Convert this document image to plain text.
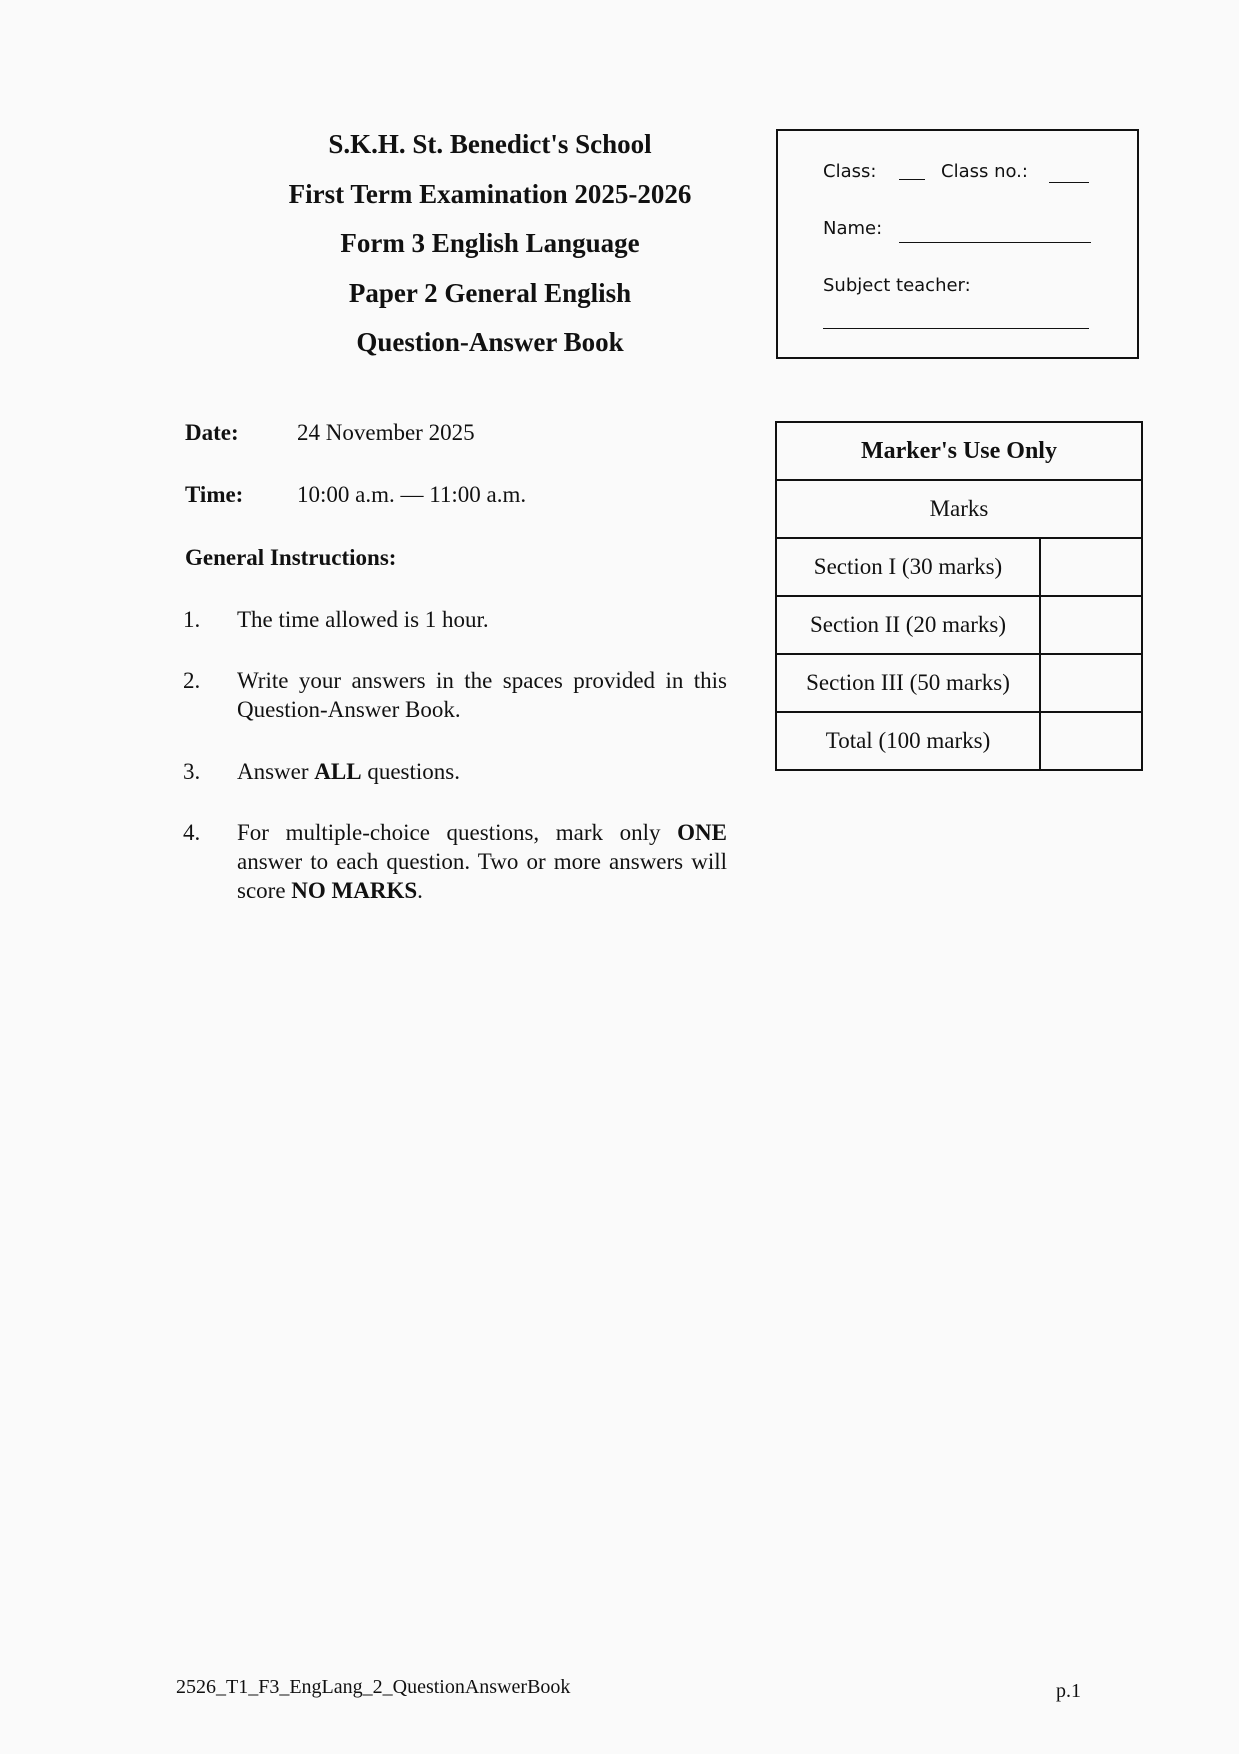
S.K.H. St. Benedict's School
First Term Examination 2025-2026
Form 3 English Language
Paper 2 General English
Question-Answer Book
Class:	Class no.:
Name:
Subject teacher:
Date:	24 November 2025
Time: 10:00 a.m. — 11:00 a.m.
General Instructions:
1. The time allowed is 1 hour.
2. Write your answers in the spaces provided in this Question-Answer Book.
3. Answer ALL questions.
4. For multiple-choice questions, mark only ONE answer to each question. Two or more answers will score NO MARKS.
Marker's Use Only	
Marks	
Section I (30 marks)	
Section II (20 marks)	
Section III (50 marks)	
Total (100 marks)	
2526_T1_F3_EngLang_2_QuestionAnswerBook	p.1
